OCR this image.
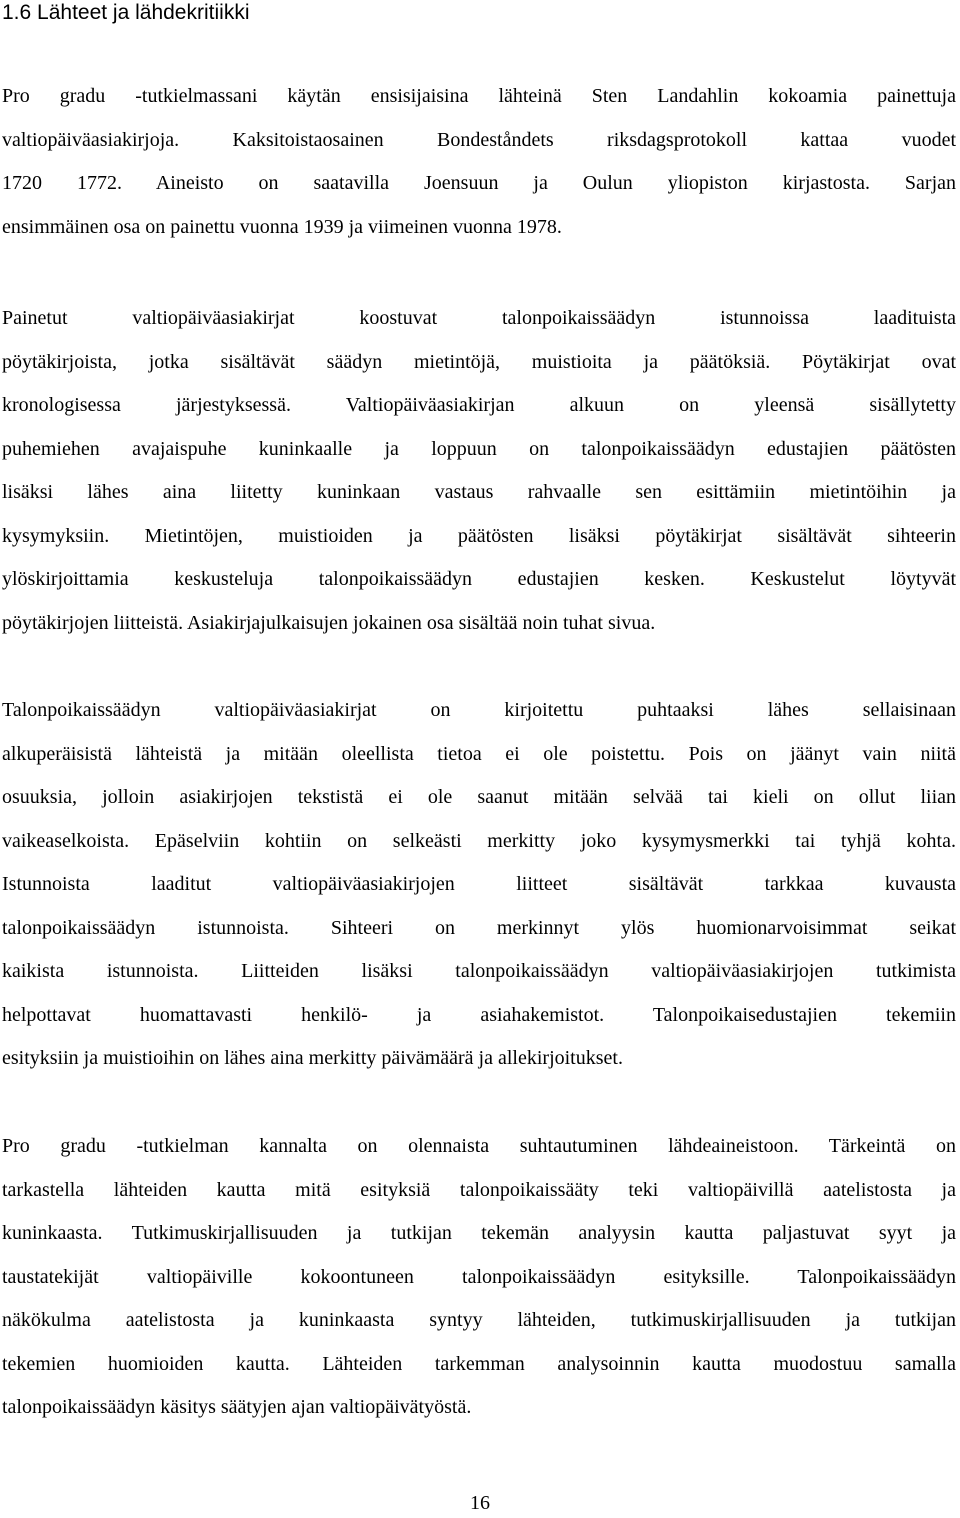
1.6 Lähteet ja lähdekritiikki
Pro gradu -tutkielmassani käytän ensisijaisina lähteinä Sten Landahlin kokoamia painettuja
valtiopäiväasiakirjoja. Kaksitoistaosainen Bondeståndets riksdagsprotokoll kattaa vuodet
1720 1772. Aineisto on saatavilla Joensuun ja Oulun yliopiston kirjastosta. Sarjan
ensimmäinen osa on painettu vuonna 1939 ja viimeinen vuonna 1978.
Painetut valtiopäiväasiakirjat koostuvat talonpoikaissäädyn istunnoissa laadituista
pöytäkirjoista, jotka sisältävät säädyn mietintöjä, muistioita ja päätöksiä. Pöytäkirjat ovat
kronologisessa järjestyksessä. Valtiopäiväasiakirjan alkuun on yleensä sisällytetty
puhemiehen avajaispuhe kuninkaalle ja loppuun on talonpoikaissäädyn edustajien päätösten
lisäksi lähes aina liitetty kuninkaan vastaus rahvaalle sen esittämiin mietintöihin ja
kysymyksiin. Mietintöjen, muistioiden ja päätösten lisäksi pöytäkirjat sisältävät sihteerin
ylöskirjoittamia keskusteluja talonpoikaissäädyn edustajien kesken. Keskustelut löytyvät
pöytäkirjojen liitteistä. Asiakirjajulkaisujen jokainen osa sisältää noin tuhat sivua.
Talonpoikaissäädyn valtiopäiväasiakirjat on kirjoitettu puhtaaksi lähes sellaisinaan
alkuperäisistä lähteistä ja mitään oleellista tietoa ei ole poistettu. Pois on jäänyt vain niitä
osuuksia, jolloin asiakirjojen tekstistä ei ole saanut mitään selvää tai kieli on ollut liian
vaikeaselkoista. Epäselviin kohtiin on selkeästi merkitty joko kysymysmerkki tai tyhjä kohta.
Istunnoista laaditut valtiopäiväasiakirjojen liitteet sisältävät tarkkaa kuvausta
talonpoikaissäädyn istunnoista. Sihteeri on merkinnyt ylös huomionarvoisimmat seikat
kaikista istunnoista. Liitteiden lisäksi talonpoikaissäädyn valtiopäiväasiakirjojen tutkimista
helpottavat huomattavasti henkilö- ja asiahakemistot. Talonpoikaisedustajien tekemiin
esityksiin ja muistioihin on lähes aina merkitty päivämäärä ja allekirjoitukset.
Pro gradu -tutkielman kannalta on olennaista suhtautuminen lähdeaineistoon. Tärkeintä on
tarkastella lähteiden kautta mitä esityksiä talonpoikaissääty teki valtiopäivillä aatelistosta ja
kuninkaasta. Tutkimuskirjallisuuden ja tutkijan tekemän analyysin kautta paljastuvat syyt ja
taustatekijät valtiopäiville kokoontuneen talonpoikaissäädyn esityksille. Talonpoikaissäädyn
näkökulma aatelistosta ja kuninkaasta syntyy lähteiden, tutkimuskirjallisuuden ja tutkijan
tekemien huomioiden kautta. Lähteiden tarkemman analysoinnin kautta muodostuu samalla
talonpoikaissäädyn käsitys säätyjen ajan valtiopäivätyöstä.

16
